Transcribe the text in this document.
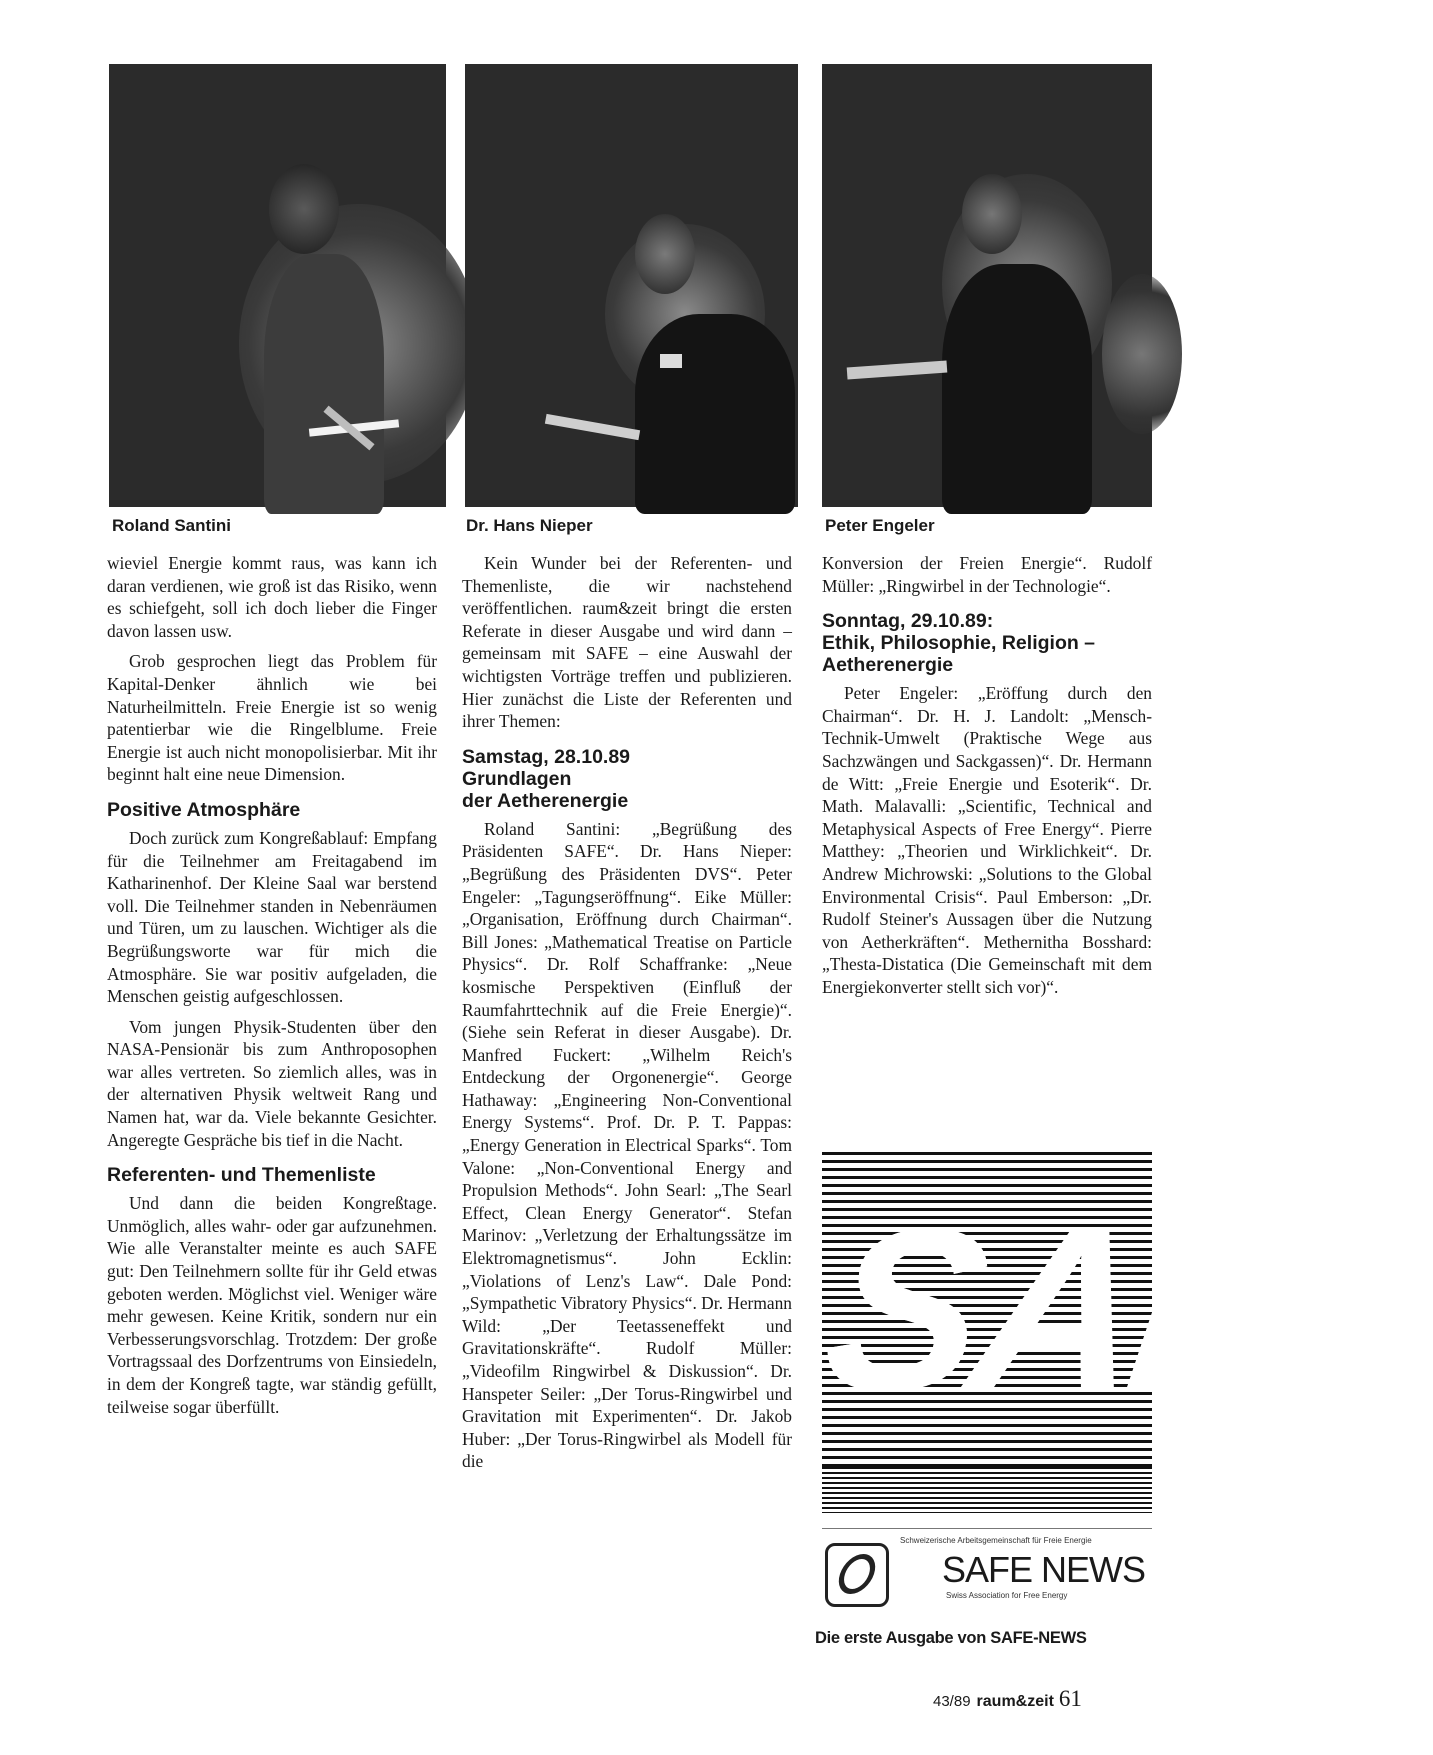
Roland Santini	Dr. Hans Nieper	Peter Engeler

wieviel Energie kommt raus, was kann ich daran verdienen, wie groß ist das Risiko, wenn es schiefgeht, soll ich doch lieber die Finger davon lassen usw.

Grob gesprochen liegt das Problem für Kapital-Denker ähnlich wie bei Naturheilmitteln. Freie Energie ist so wenig patentierbar wie die Ringelblume. Freie Energie ist auch nicht monopolisierbar. Mit ihr beginnt halt eine neue Dimension.

Positive Atmosphäre

Doch zurück zum Kongreßablauf: Empfang für die Teilnehmer am Freitagabend im Katharinenhof. Der Kleine Saal war berstend voll. Die Teilnehmer standen in Nebenräumen und Türen, um zu lauschen. Wichtiger als die Begrüßungsworte war für mich die Atmosphäre. Sie war positiv aufgeladen, die Menschen geistig aufgeschlossen.

Vom jungen Physik-Studenten über den NASA-Pensionär bis zum Anthroposophen war alles vertreten. So ziemlich alles, was in der alternativen Physik weltweit Rang und Namen hat, war da. Viele bekannte Gesichter. Angeregte Gespräche bis tief in die Nacht.

Referenten- und Themenliste

Und dann die beiden Kongreßtage. Unmöglich, alles wahr- oder gar aufzunehmen. Wie alle Veranstalter meinte es auch SAFE gut: Den Teilnehmern sollte für ihr Geld etwas geboten werden. Möglichst viel. Weniger wäre mehr gewesen. Keine Kritik, sondern nur ein Verbesserungsvorschlag. Trotzdem: Der große Vortragssaal des Dorfzentrums von Einsiedeln, in dem der Kongreß tagte, war ständig gefüllt, teilweise sogar überfüllt.

Kein Wunder bei der Referenten- und Themenliste, die wir nachstehend veröffentlichen. raum&zeit bringt die ersten Referate in dieser Ausgabe und wird dann – gemeinsam mit SAFE – eine Auswahl der wichtigsten Vorträge treffen und publizieren. Hier zunächst die Liste der Referenten und ihrer Themen:

Samstag, 28.10.89
Grundlagen
der Aetherenergie

Roland Santini: „Begrüßung des Präsidenten SAFE“. Dr. Hans Nieper: „Begrüßung des Präsidenten DVS“. Peter Engeler: „Tagungseröffnung“. Eike Müller: „Organisation, Eröffnung durch Chairman“. Bill Jones: „Mathematical Treatise on Particle Physics“. Dr. Rolf Schaffranke: „Neue kosmische Perspektiven (Einfluß der Raumfahrttechnik auf die Freie Energie)“. (Siehe sein Referat in dieser Ausgabe). Dr. Manfred Fuckert: „Wilhelm Reich's Entdeckung der Orgonenergie“. George Hathaway: „Engineering Non-Conventional Energy Systems“. Prof. Dr. P. T. Pappas: „Energy Generation in Electrical Sparks“. Tom Valone: „Non-Conventional Energy and Propulsion Methods“. John Searl: „The Searl Effect, Clean Energy Generator“. Stefan Marinov: „Verletzung der Erhaltungssätze im Elektromagnetismus“. John Ecklin: „Violations of Lenz's Law“. Dale Pond: „Sympathetic Vibratory Physics“. Dr. Hermann Wild: „Der Teetasseneffekt und Gravitationskräfte“. Rudolf Müller: „Videofilm Ringwirbel & Diskussion“. Dr. Hanspeter Seiler: „Der Torus-Ringwirbel und Gravitation mit Experimenten“. Dr. Jakob Huber: „Der Torus-Ringwirbel als Modell für die

Konversion der Freien Energie“. Rudolf Müller: „Ringwirbel in der Technologie“.

Sonntag, 29.10.89:
Ethik, Philosophie, Religion –
Aetherenergie

Peter Engeler: „Eröffung durch den Chairman“. Dr. H. J. Landolt: „Mensch-Technik-Umwelt (Praktische Wege aus Sachzwängen und Sackgassen)“. Dr. Hermann de Witt: „Freie Energie und Esoterik“. Dr. Math. Malavalli: „Scientific, Technical and Metaphysical Aspects of Free Energy“. Pierre Matthey: „Theorien und Wirklichkeit“. Dr. Andrew Michrowski: „Solutions to the Global Environmental Crisis“. Paul Emberson: „Dr. Rudolf Steiner's Aussagen über die Nutzung von Aetherkräften“. Methernitha Bosshard: „Thesta-Distatica (Die Gemeinschaft mit dem Energiekonverter stellt sich vor)“.

SAFE
Schweizerische Arbeitsgemeinschaft für Freie Energie
SAFE NEWS
Swiss Association for Free Energy
Die erste Ausgabe von SAFE-NEWS
43/89 raum&zeit 61
